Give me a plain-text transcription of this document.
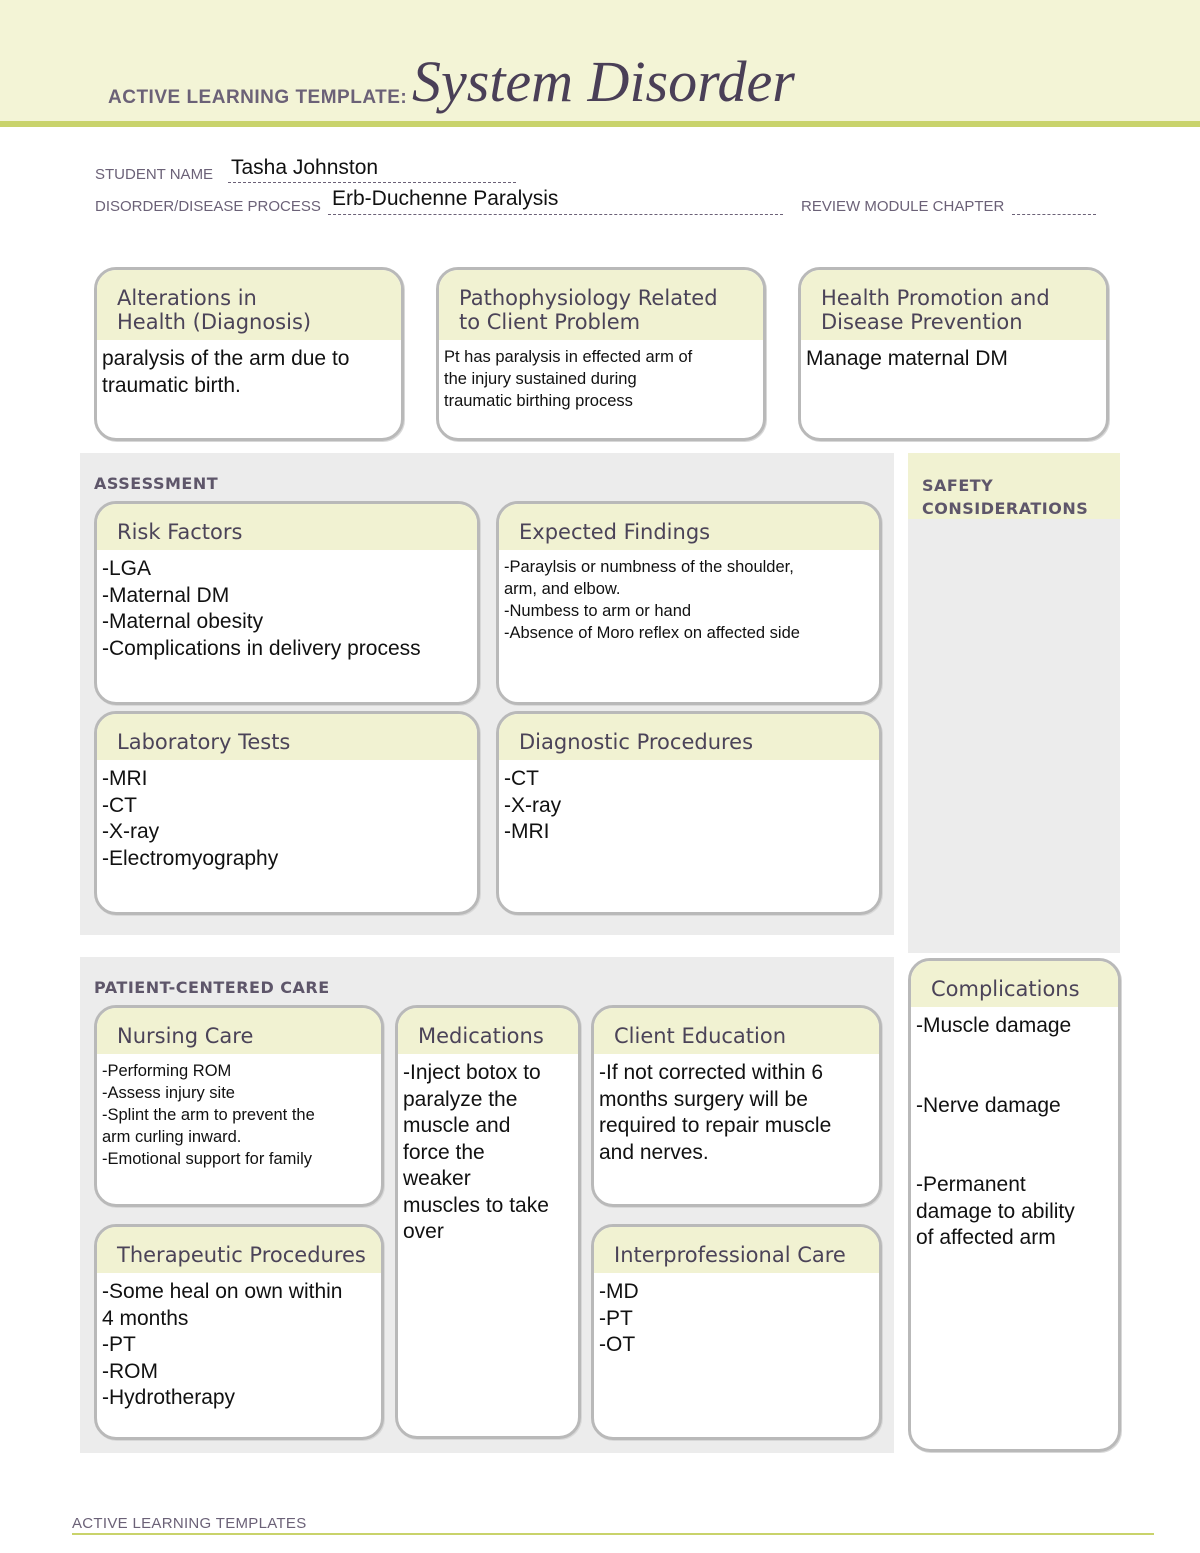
ACTIVE LEARNING TEMPLATE: System Disorder
STUDENT NAME Tasha Johnston
DISORDER/DISEASE PROCESS Erb-Duchenne Paralysis	REVIEW MODULE CHAPTER

Alterations in
Health (Diagnosis)
paralysis of the arm due to
traumatic birth.
Pathophysiology Related
to Client Problem
Pt has paralysis in effected arm of
the injury sustained during
traumatic birthing process
Health Promotion and
Disease Prevention
Manage maternal DM
ASSESSMENT
Risk Factors
-LGA
-Maternal DM
-Maternal obesity
-Complications in delivery process
Expected Findings
-Paraylsis or numbness of the shoulder,
arm, and elbow.
-Numbess to arm or hand
-Absence of Moro reflex on affected side
Laboratory Tests
-MRI
-CT
-X-ray
-Electromyography
Diagnostic Procedures
-CT
-X-ray
-MRI
SAFETY
CONSIDERATIONS
PATIENT-CENTERED CARE
Nursing Care
-Performing ROM
-Assess injury site
-Splint the arm to prevent the
arm curling inward.
-Emotional support for family
Medications
-Inject botox to
paralyze the
muscle and
force the
weaker
muscles to take
over
Client Education
-If not corrected within 6
months surgery will be
required to repair muscle
and nerves.
Therapeutic Procedures
-Some heal on own within
4 months
-PT
-ROM
-Hydrotherapy
Interprofessional Care
-MD
-PT
-OT
Complications
-Muscle damage

-Nerve damage

-Permanent
damage to ability
of affected arm
ACTIVE LEARNING TEMPLATES
